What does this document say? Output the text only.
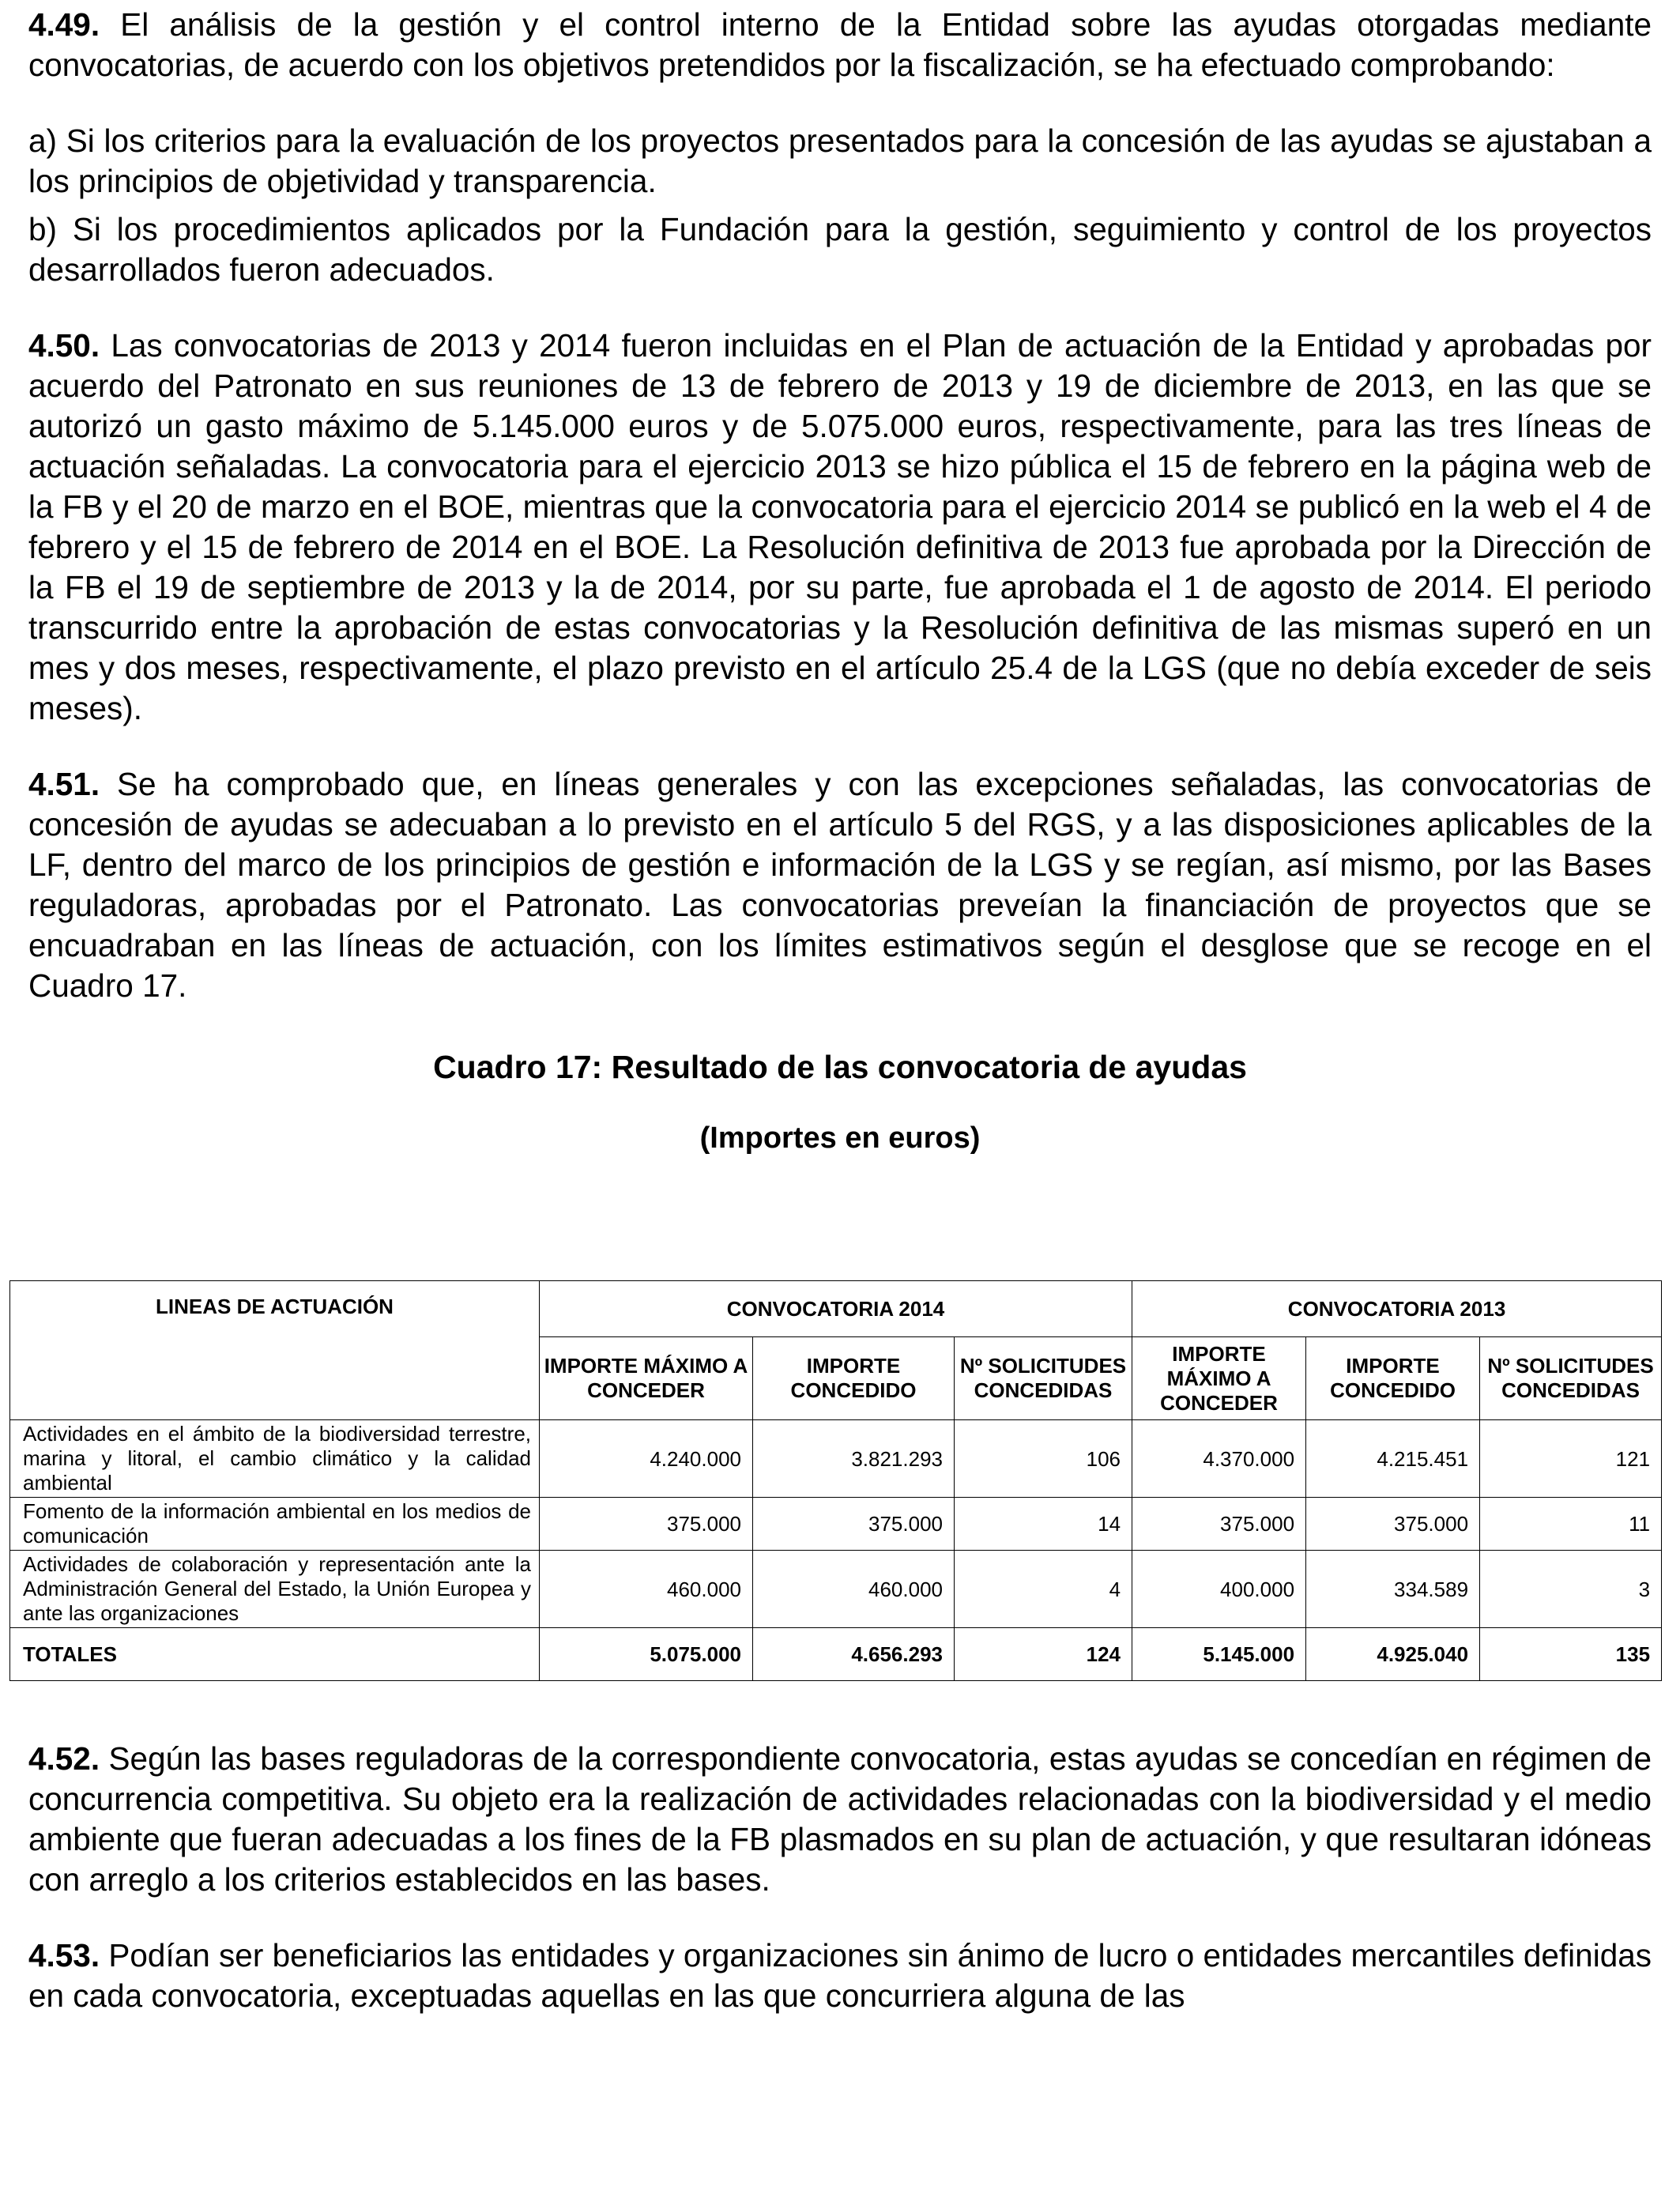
4.49. El análisis de la gestión y el control interno de la Entidad sobre las ayudas otorgadas mediante convocatorias, de acuerdo con los objetivos pretendidos por la fiscalización, se ha efectuado comprobando:

a) Si los criterios para la evaluación de los proyectos presentados para la concesión de las ayudas se ajustaban a los principios de objetividad y transparencia.

b) Si los procedimientos aplicados por la Fundación para la gestión, seguimiento y control de los proyectos desarrollados fueron adecuados.

4.50. Las convocatorias de 2013 y 2014 fueron incluidas en el Plan de actuación de la Entidad y aprobadas por acuerdo del Patronato en sus reuniones de 13 de febrero de 2013 y 19 de diciembre de 2013, en las que se autorizó un gasto máximo de 5.145.000 euros y de 5.075.000 euros, respectivamente, para las tres líneas de actuación señaladas. La convocatoria para el ejercicio 2013 se hizo pública el 15 de febrero en la página web de la FB y el 20 de marzo en el BOE, mientras que la convocatoria para el ejercicio 2014 se publicó en la web el 4 de febrero y el 15 de febrero de 2014 en el BOE. La Resolución definitiva de 2013 fue aprobada por la Dirección de la FB el 19 de septiembre de 2013 y la de 2014, por su parte, fue aprobada el 1 de agosto de 2014. El periodo transcurrido entre la aprobación de estas convocatorias y la Resolución definitiva de las mismas superó en un mes y dos meses, respectivamente, el plazo previsto en el artículo 25.4 de la LGS (que no debía exceder de seis meses).

4.51. Se ha comprobado que, en líneas generales y con las excepciones señaladas, las convocatorias de concesión de ayudas se adecuaban a lo previsto en el artículo 5 del RGS, y a las disposiciones aplicables de la LF, dentro del marco de los principios de gestión e información de la LGS y se regían, así mismo, por las Bases reguladoras, aprobadas por el Patronato. Las convocatorias preveían la financiación de proyectos que se encuadraban en las líneas de actuación, con los límites estimativos según el desglose que se recoge en el Cuadro 17.

Cuadro 17: Resultado de las convocatoria de ayudas

(Importes en euros)

LINEAS DE ACTUACIÓN	CONVOCATORIA 2014			CONVOCATORIA 2013		
	IMPORTE MÁXIMO A CONCEDER	IMPORTE CONCEDIDO	Nº SOLICITUDES CONCEDIDAS	IMPORTE MÁXIMO A CONCEDER	IMPORTE CONCEDIDO	Nº SOLICITUDES CONCEDIDAS
Actividades en el ámbito de la biodiversidad terrestre, marina y litoral, el cambio climático y la calidad ambiental	4.240.000	3.821.293	106	4.370.000	4.215.451	121
Fomento de la información ambiental en los medios de comunicación	375.000	375.000	14	375.000	375.000	11
Actividades de colaboración y representación ante la Administración General del Estado, la Unión Europea y ante las organizaciones	460.000	460.000	4	400.000	334.589	3
TOTALES	5.075.000	4.656.293	124	5.145.000	4.925.040	135

4.52. Según las bases reguladoras de la correspondiente convocatoria, estas ayudas se concedían en régimen de concurrencia competitiva. Su objeto era la realización de actividades relacionadas con la biodiversidad y el medio ambiente que fueran adecuadas a los fines de la FB plasmados en su plan de actuación, y que resultaran idóneas con arreglo a los criterios establecidos en las bases.

4.53. Podían ser beneficiarios las entidades y organizaciones sin ánimo de lucro o entidades mercantiles definidas en cada convocatoria, exceptuadas aquellas en las que concurriera alguna de las
